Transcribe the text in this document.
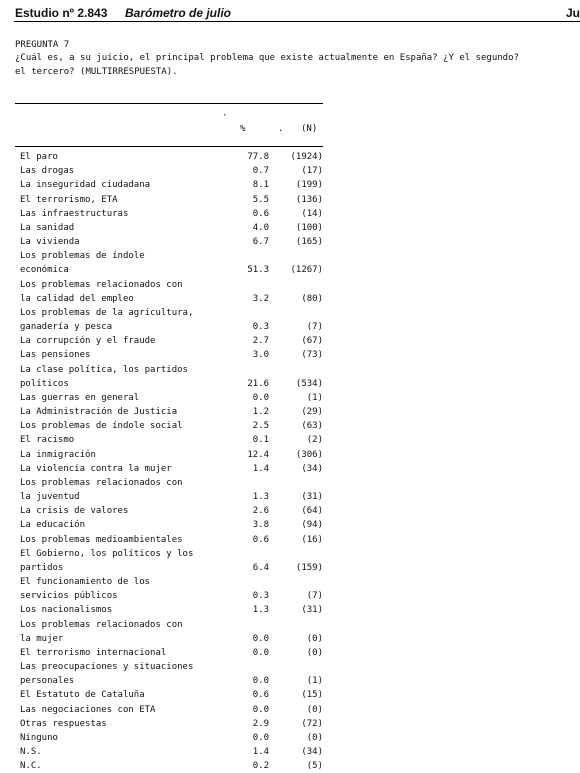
Estudio nº 2.843 Barómetro de julio	Ju
PREGUNTA 7
¿Cuál es, a su juicio, el principal problema que existe actualmente en España? ¿Y el segundo?
el tercero? (MULTIRRESPUESTA).
·
%	. (N)
El paro	77.8	(1924)
Las drogas	0.7	(17)
La inseguridad ciudadana	8.1	(199)
El terrorismo, ETA	5.5	(136)
Las infraestructuras	0.6	(14)
La sanidad	4.0	(100)
La vivienda	6.7	(165)
Los problemas de índole
económica	51.3	(1267)
Los problemas relacionados con
la calidad del empleo	3.2	(80)
Los problemas de la agricultura,
ganadería y pesca	0.3	(7)
La corrupción y el fraude	2.7	(67)
Las pensiones	3.0	(73)
La clase política, los partidos
políticos	21.6	(534)
Las guerras en general	0.0	(1)
La Administración de Justicia	1.2	(29)
Los problemas de índole social	2.5	(63)
El racismo	0.1	(2)
La inmigración	12.4	(306)
La violencia contra la mujer	1.4	(34)
Los problemas relacionados con
la juventud	1.3	(31)
La crisis de valores	2.6	(64)
La educación	3.8	(94)
Los problemas medioambientales	0.6	(16)
El Gobierno, los políticos y los
partidos	6.4	(159)
El funcionamiento de los
servicios públicos	0.3	(7)
Los nacionalismos	1.3	(31)
Los problemas relacionados con
la mujer	0.0	(0)
El terrorismo internacional	0.0	(0)
Las preocupaciones y situaciones
personales	0.0	(1)
El Estatuto de Cataluña	0.6	(15)
Las negociaciones con ETA	0.0	(0)
Otras respuestas	2.9	(72)
Ninguno	0.0	(0)
N.S.	1.4	(34)
N.C.	0.2	(5)
